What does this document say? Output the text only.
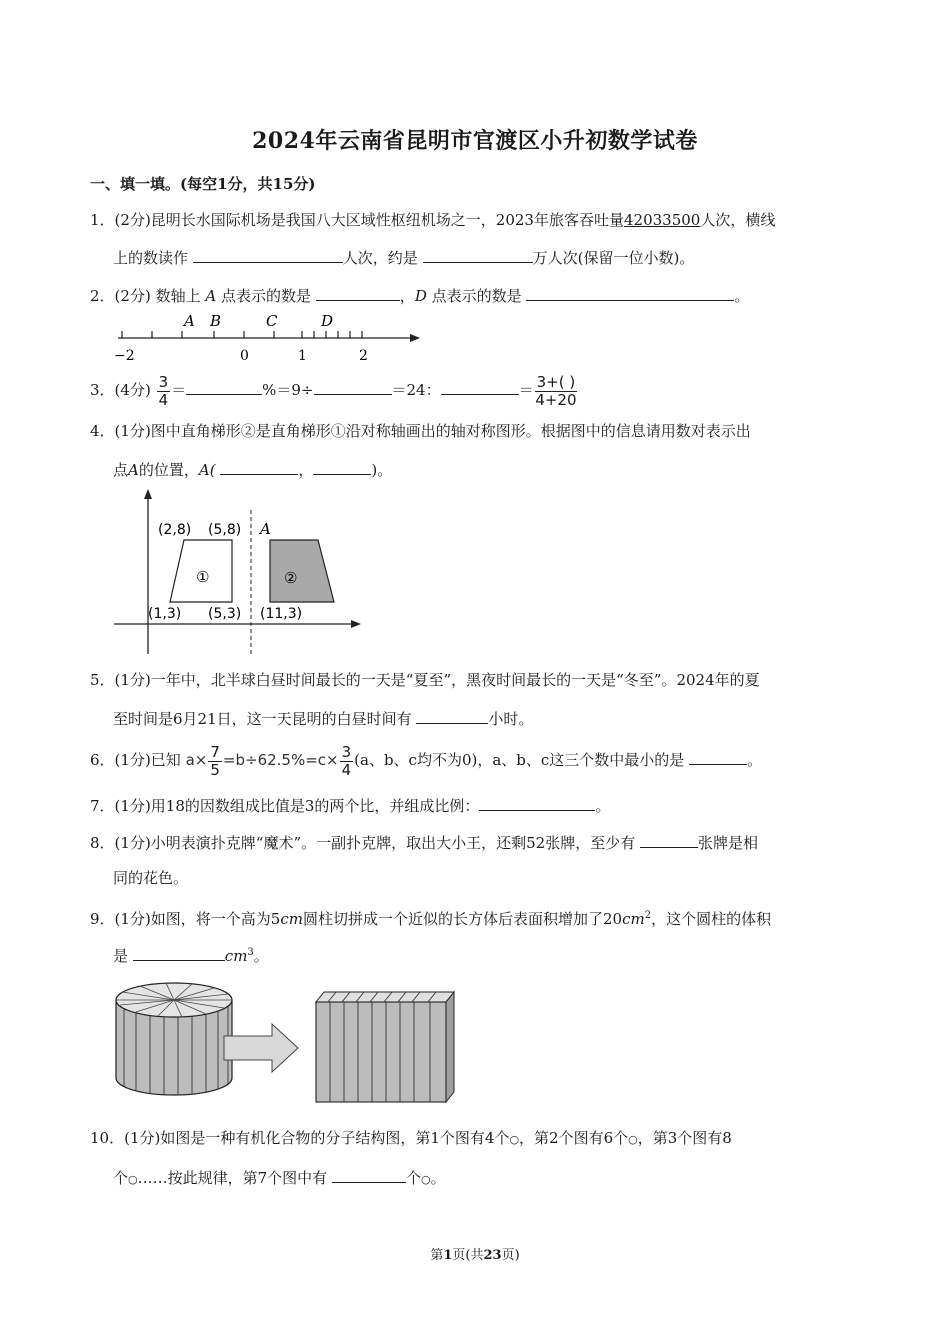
2024年云南省昆明市官渡区小升初数学试卷
一、填一填。(每空1分，共15分)
1．(2分)昆明长水国际机场是我国八大区域性枢纽机场之一，2023年旅客吞吐量42033500人次，横线
上的数读作	人次，约是	万人次(保留一位小数)。
2．(2分) 数轴上 A 点表示的数是	，D 点表示的数是	。
A B	C	D
−2	0	1	2
3．(4分) $\frac{3}{4}$ ＝	%＝9÷	＝24：	＝ $\frac{3+( )}{4+20}$
4．(1分)图中直角梯形②是直角梯形①沿对称轴画出的轴对称图形。根据图中的信息请用数对表示出
点A的位置，A(	，	)。
(2,8) (5,8)
(1,3) (5,3) (11,3)
①	②
A
5．(1分)一年中，北半球白昼时间最长的一天是“夏至”，黑夜时间最长的一天是“冬至”。2024年的夏
至时间是6月21日，这一天昆明的白昼时间有	小时。
6．(1分)已知 $a\times \frac{7}{5} =b\div 62.5\%=c\times \frac{3}{4} (a$、b、c均不为0)，a、b、c这三个数中最小的是	。
7．(1分)用18的因数组成比值是3的两个比，并组成比例：	。
8．(1分)小明表演扑克牌“魔术”。一副扑克牌，取出大小王，还剩52张牌，至少有	张牌是相
同的花色。
9．(1分)如图，将一个高为5cm圆柱切拼成一个近似的长方体后表面积增加了$20cm^2$，这个圆柱的体积
是	$cm^3$。
10．(1分)如图是一种有机化合物的分子结构图，第1个图有4个○，第2个图有6个○，第3个图有8
个○……按此规律，第7个图中有	个○。
第1页(共23页)
